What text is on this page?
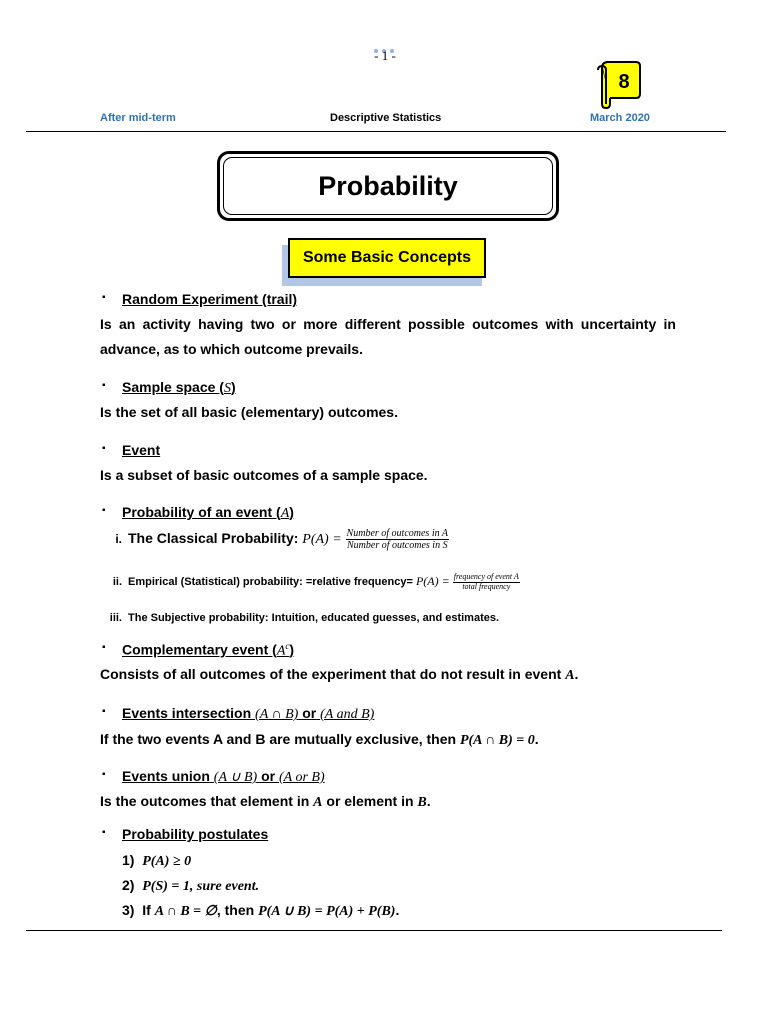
- 1 -
8
After mid-term	Descriptive Statistics	March 2020
Probability
Some Basic Concepts
▪	Random Experiment (trail)
Is an activity having two or more different possible outcomes with uncertainty in advance, as to which outcome prevails.
▪	Sample space (S)
Is the set of all basic (elementary) outcomes.
▪	Event
Is a subset of basic outcomes of a sample space.
▪	Probability of an event (A)
i. The Classical Probability: $P(A) = \frac{\text{Number of outcomes in A}}{\text{Number of outcomes in S}}$
ii. Empirical (Statistical) probability: =relative frequency= $P(A) = \frac{\text{frequency of event A}}{\text{total frequency}}$
iii. The Subjective probability: Intuition, educated guesses, and estimates.
▪	Complementary event $(A^c)$
Consists of all outcomes of the experiment that do not result in event A.
▪	Events intersection (A ∩ B) or (A and B)
If the two events A and B are mutually exclusive, then P(A ∩ B) = 0.
▪	Events union (A ∪ B) or (A or B)
Is the outcomes that element in A or element in B.
▪	Probability postulates
1) P(A) ≥ 0
2) P(S) = 1, sure event.
3) If A ∩ B = ∅, then P(A ∪ B) = P(A) + P(B).
